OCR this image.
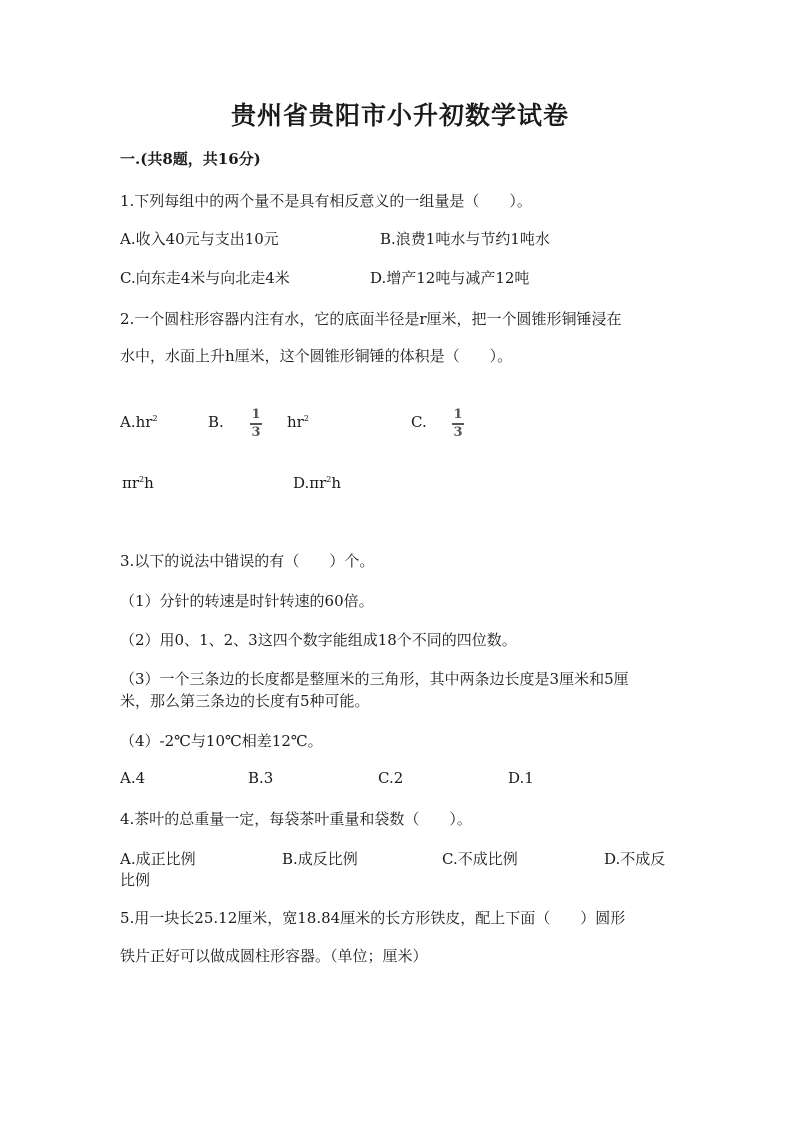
贵州省贵阳市小升初数学试卷
一.(共8题，共16分)
1.下列每组中的两个量不是具有相反意义的一组量是（　　）。
A.收入40元与支出10元	B.浪费1吨水与节约1吨水
C.向东走4米与向北走4米	D.增产12吨与减产12吨
2.一个圆柱形容器内注有水，它的底面半径是r厘米，把一个圆锥形铜锤浸在
水中，水面上升h厘米，这个圆锥形铜锤的体积是（　　）。
$A.hr^2$	B. 1
3
$hr^2$	C. 1
3
$\pi r^2h$	$D.\pi r^2h$
3.以下的说法中错误的有（　　）个。
（1）分针的转速是时针转速的60倍。
（2）用0、1、2、3这四个数字能组成18个不同的四位数。
（3）一个三条边的长度都是整厘米的三角形，其中两条边长度是3厘米和5厘
米，那么第三条边的长度有5种可能。
（4）-2℃与10℃相差12℃。
A.4	B.3	C.2	D.1
4.茶叶的总重量一定，每袋茶叶重量和袋数（　　）。
A.成正比例	B.成反比例	C.不成比例	D.不成反
比例
5.用一块长25.12厘米，宽18.84厘米的长方形铁皮，配上下面（　　）圆形
铁片正好可以做成圆柱形容器。（单位；厘米）
